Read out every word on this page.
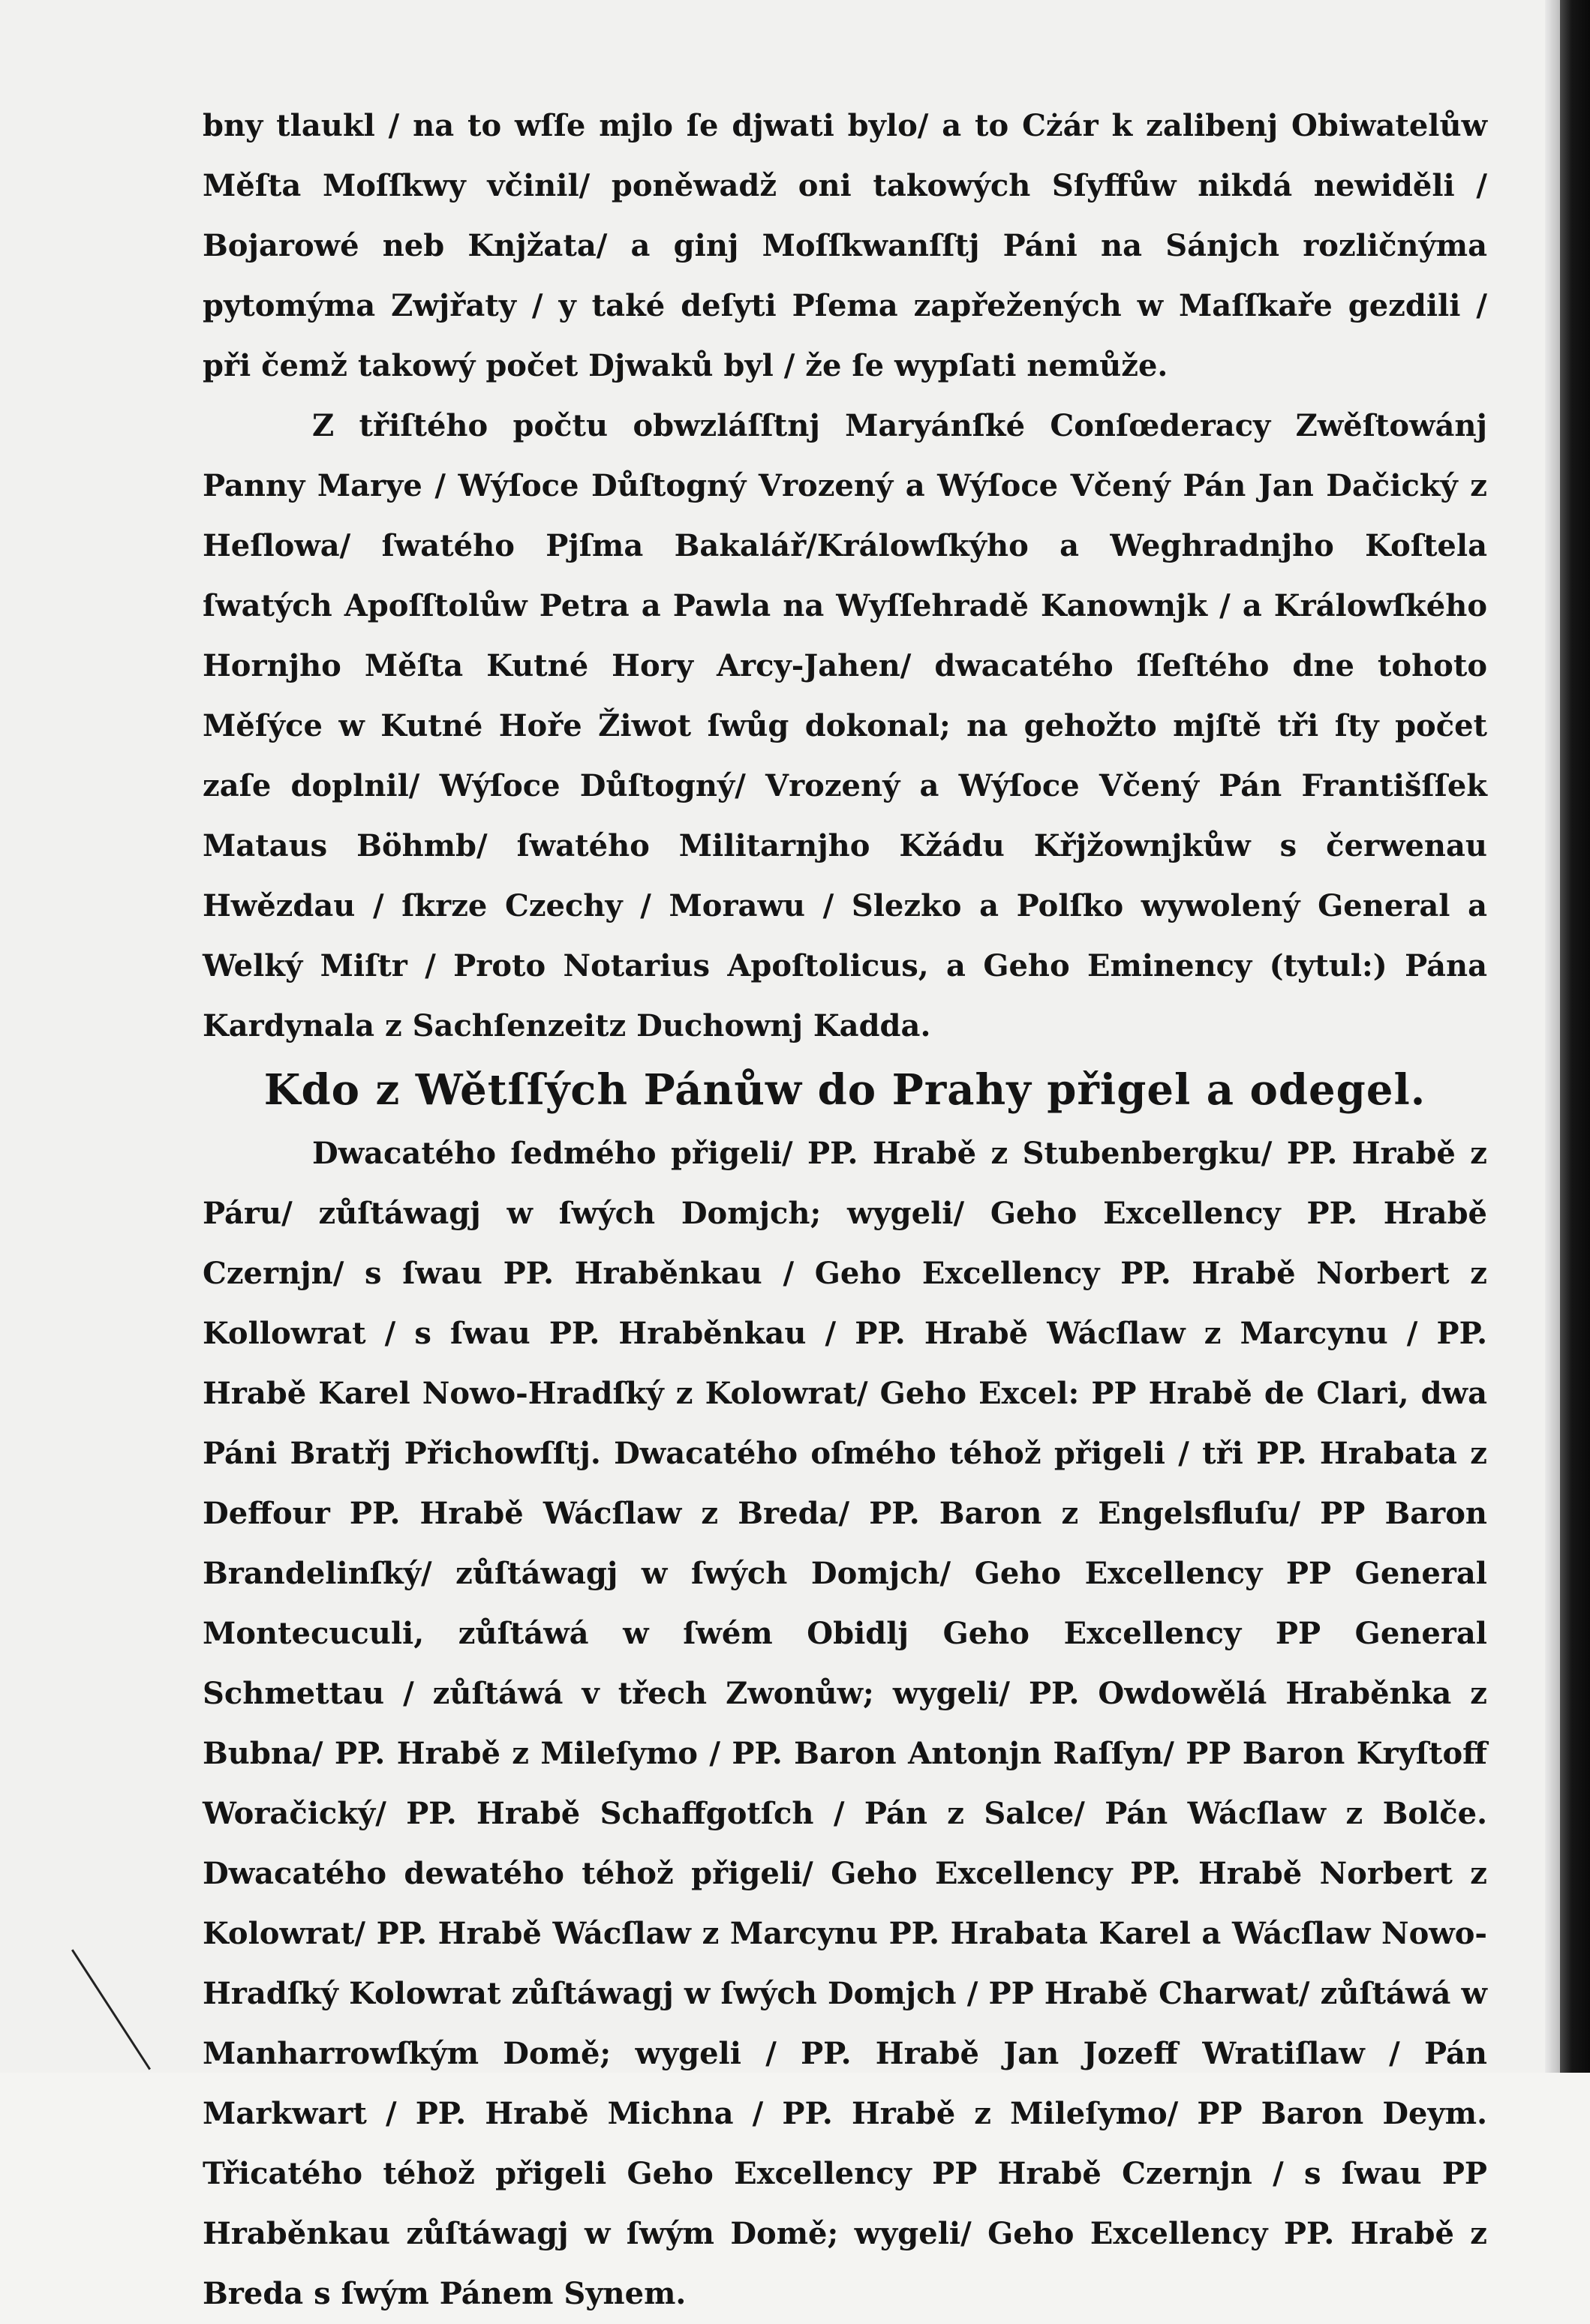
bny tlaukl / na to wſſe mjlo ſe djwati bylo/ a to Cżár k zalibenj Obiwatelůw Měſta Moſſkwy včinil/ poněwadž oni takowých Sſyffůw nikdá newiděli / Bojarowé neb Knjžata/ a ginj Moſſkwanſſtj Páni na Sánjch rozličnýma pytomýma Zwjřaty / y také deſyti Pſema zapřežených w Maſſkaře gezdili / při čemž takowý počet Djwaků byl / že ſe wypſati nemůže.

Z třiſtého počtu obwzláſſtnj Maryánſké Conſœderacy Zwěſtowánj Panny Marye / Wýſoce Důſtogný Vrozený a Wýſoce Včený Pán Jan Dačický z Heſlowa/ ſwatého Pjſma Bakalář/Králowſkýho a Weghradnjho Koſtela ſwatých Apoſſtolůw Petra a Pawla na Wyſſehradě Kanownjk / a Králowſkého Hornjho Měſta Kutné Hory Arcy-Jahen/ dwacatého ſſeſtého dne tohoto Měſýce w Kutné Hoře Žiwot ſwůg dokonal; na gehožto mjſtě tři ſty počet zaſe doplnil/ Wýſoce Důſtogný/ Vrozený a Wýſoce Včený Pán Františſſek Mataus Böhmb/ ſwatého Militarnjho Kžádu Křjžownjkůw s čerwenau Hwězdau / ſkrze Czechy / Morawu / Slezko a Polſko wywolený General a Welký Miſtr / Proto Notarius Apoſtolicus, a Geho Eminency (tytul:) Pána Kardynala z Sachſenzeitz Duchownj Kadda.

Kdo z Wětſſých Pánůw do Prahy přigel a odegel.

Dwacatého ſedmého přigeli/ PP. Hrabě z Stubenbergku/ PP. Hrabě z Páru/ zůſtáwagj w ſwých Domjch; wygeli/ Geho Excellency PP. Hrabě Czernjn/ s ſwau PP. Hraběnkau / Geho Excellency PP. Hrabě Norbert z Kollowrat / s ſwau PP. Hraběnkau / PP. Hrabě Wácſlaw z Marcynu / PP. Hrabě Karel Nowo-Hradſký z Kolowrat/ Geho Excel: PP Hrabě de Clari, dwa Páni Bratřj Přichowſſtj. Dwacatého oſmého téhož přigeli / tři PP. Hrabata z Deffour PP. Hrabě Wácſlaw z Breda/ PP. Baron z Engelsfluſu/ PP Baron Brandelinſký/ zůſtáwagj w ſwých Domjch/ Geho Excellency PP General Montecuculi, zůſtáwá w ſwém Obidlj Geho Excellency PP General Schmettau / zůſtáwá v třech Zwonůw; wygeli/ PP. Owdowělá Hraběnka z Bubna/ PP. Hrabě z Mileſymo / PP. Baron Antonjn Raſſyn/ PP Baron Kryſtoff Woračický/ PP. Hrabě Schaffgotſch / Pán z Salce/ Pán Wácſlaw z Bolče. Dwacatého dewatého téhož přigeli/ Geho Excellency PP. Hrabě Norbert z Kolowrat/ PP. Hrabě Wácſlaw z Marcynu PP. Hrabata Karel a Wácſlaw Nowo-Hradſký Kolowrat zůſtáwagj w ſwých Domjch / PP Hrabě Charwat/ zůſtáwá w Manharrowſkým Domě; wygeli / PP. Hrabě Jan Jozeff Wratiſlaw / Pán Markwart / PP. Hrabě Michna / PP. Hrabě z Mileſymo/ PP Baron Deym. Třicatého téhož přigeli Geho Excellency PP Hrabě Czernjn / s ſwau PP Hraběnkau zůſtáwagj w ſwým Domě; wygeli/ Geho Excellency PP. Hrabě z Breda s ſwým Pánem Synem.
